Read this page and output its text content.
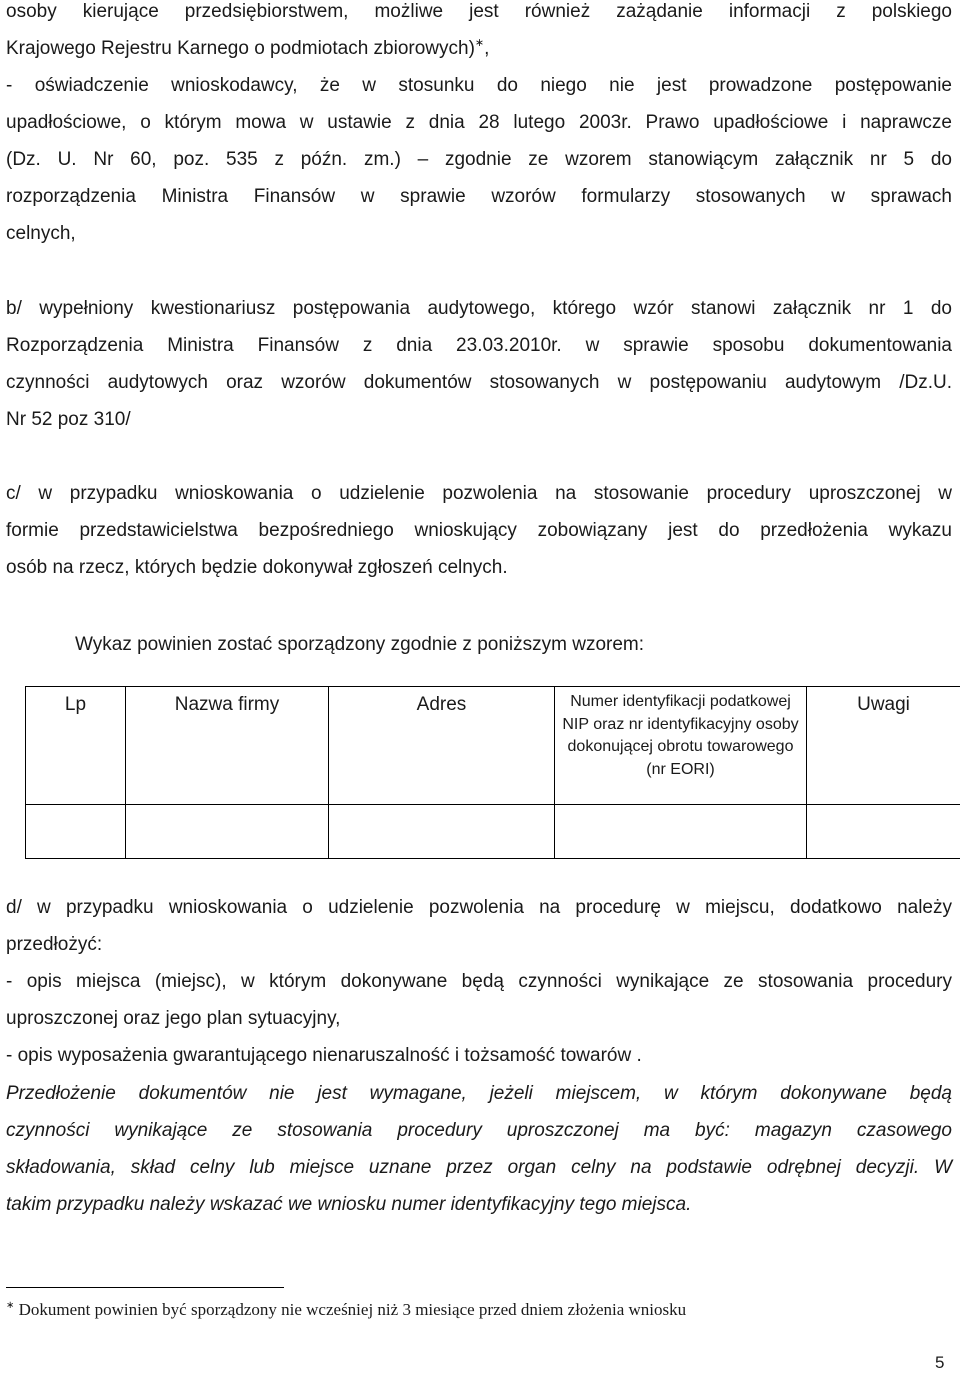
osoby kierujące przedsiębiorstwem, możliwe jest również zażądanie informacji z polskiego

Krajowego Rejestru Karnego o podmiotach zbiorowych)∗,

- oświadczenie wnioskodawcy, że w stosunku do niego nie jest prowadzone postępowanie

upadłościowe, o którym mowa w ustawie z dnia 28 lutego 2003r. Prawo upadłościowe i naprawcze

(Dz. U. Nr 60, poz. 535 z późn. zm.) – zgodnie ze wzorem stanowiącym załącznik nr 5 do

rozporządzenia Ministra Finansów w sprawie wzorów formularzy stosowanych w sprawach

celnych,

b/ wypełniony kwestionariusz postępowania audytowego, którego wzór stanowi załącznik nr 1 do

Rozporządzenia Ministra Finansów z dnia 23.03.2010r. w sprawie sposobu dokumentowania

czynności audytowych oraz wzorów dokumentów stosowanych w postępowaniu audytowym /Dz.U.

Nr 52 poz 310/

c/ w przypadku wnioskowania o udzielenie pozwolenia na stosowanie procedury uproszczonej w

formie przedstawicielstwa bezpośredniego wnioskujący zobowiązany jest do przedłożenia wykazu

osób na rzecz, których będzie dokonywał zgłoszeń celnych.

Wykaz powinien zostać sporządzony zgodnie z poniższym wzorem:

Lp	Nazwa firmy	Adres	Numer identyfikacji podatkowej NIP oraz nr identyfikacyjny osoby dokonującej obrotu towarowego (nr EORI)	Uwagi

d/ w przypadku wnioskowania o udzielenie pozwolenia na procedurę w miejscu, dodatkowo należy

przedłożyć:

- opis miejsca (miejsc), w którym dokonywane będą czynności wynikające ze stosowania procedury

uproszczonej oraz jego plan sytuacyjny,

- opis wyposażenia gwarantującego nienaruszalność i tożsamość towarów .

Przedłożenie dokumentów nie jest wymagane, jeżeli miejscem, w którym dokonywane będą

czynności wynikające ze stosowania procedury uproszczonej ma być: magazyn czasowego

składowania, skład celny lub miejsce uznane przez organ celny na podstawie odrębnej decyzji. W

takim przypadku należy wskazać we wniosku numer identyfikacyjny tego miejsca.

∗ Dokument powinien być sporządzony nie wcześniej niż 3 miesiące przed dniem złożenia wniosku

5
